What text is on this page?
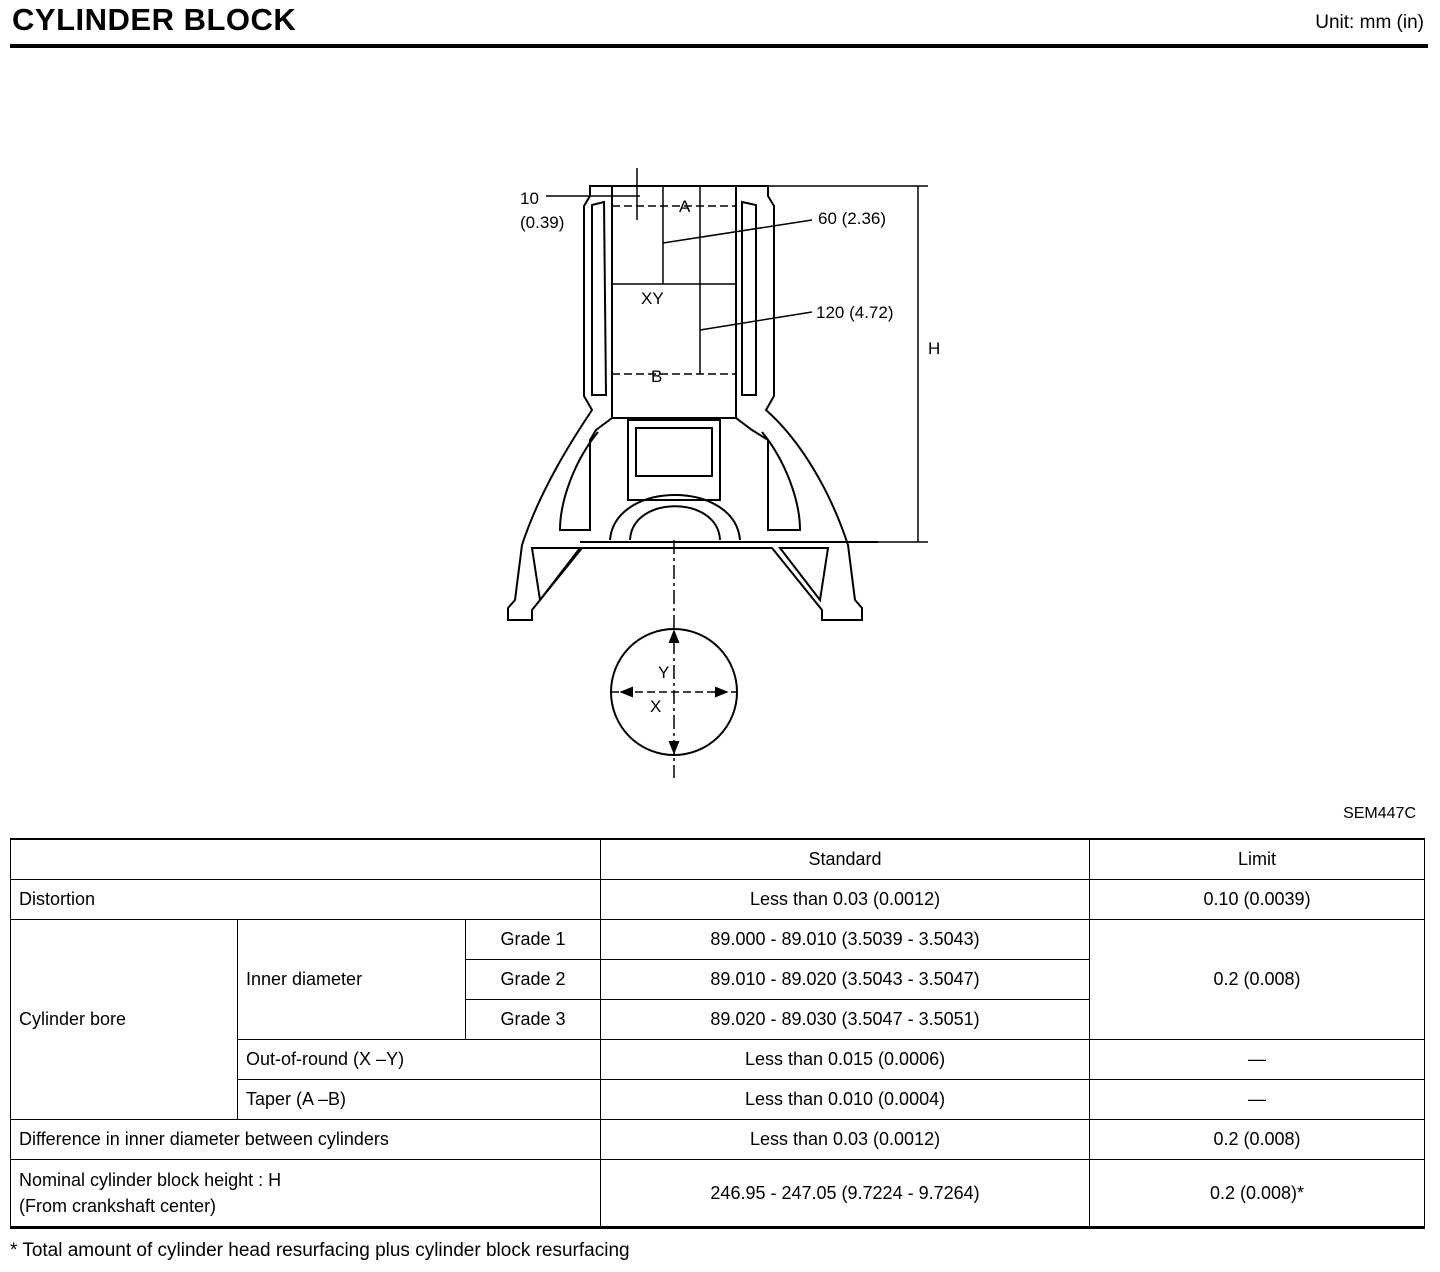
CYLINDER BLOCK	Unit: mm (in)
10
(0.39)
A
60 (2.36)
XY
120 (4.72)
H
B
Y
X
SEM447C
			Standard	Limit
Distortion			Less than 0.03 (0.0012)	0.10 (0.0039)
Cylinder bore	Inner diameter	Grade 1	89.000 - 89.010 (3.5039 - 3.5043)	0.2 (0.008)
		Grade 2	89.010 - 89.020 (3.5043 - 3.5047)	
		Grade 3	89.020 - 89.030 (3.5047 - 3.5051)	
	Out-of-round (X –Y)		Less than 0.015 (0.0006)	—
	Taper (A –B)		Less than 0.010 (0.0004)	—
Difference in inner diameter between cylinders			Less than 0.03 (0.0012)	0.2 (0.008)

Nominal cylinder block height : H
(From crankshaft center)			246.95 - 247.05 (9.7224 - 9.7264)	0.2 (0.008)*
* Total amount of cylinder head resurfacing plus cylinder block resurfacing
